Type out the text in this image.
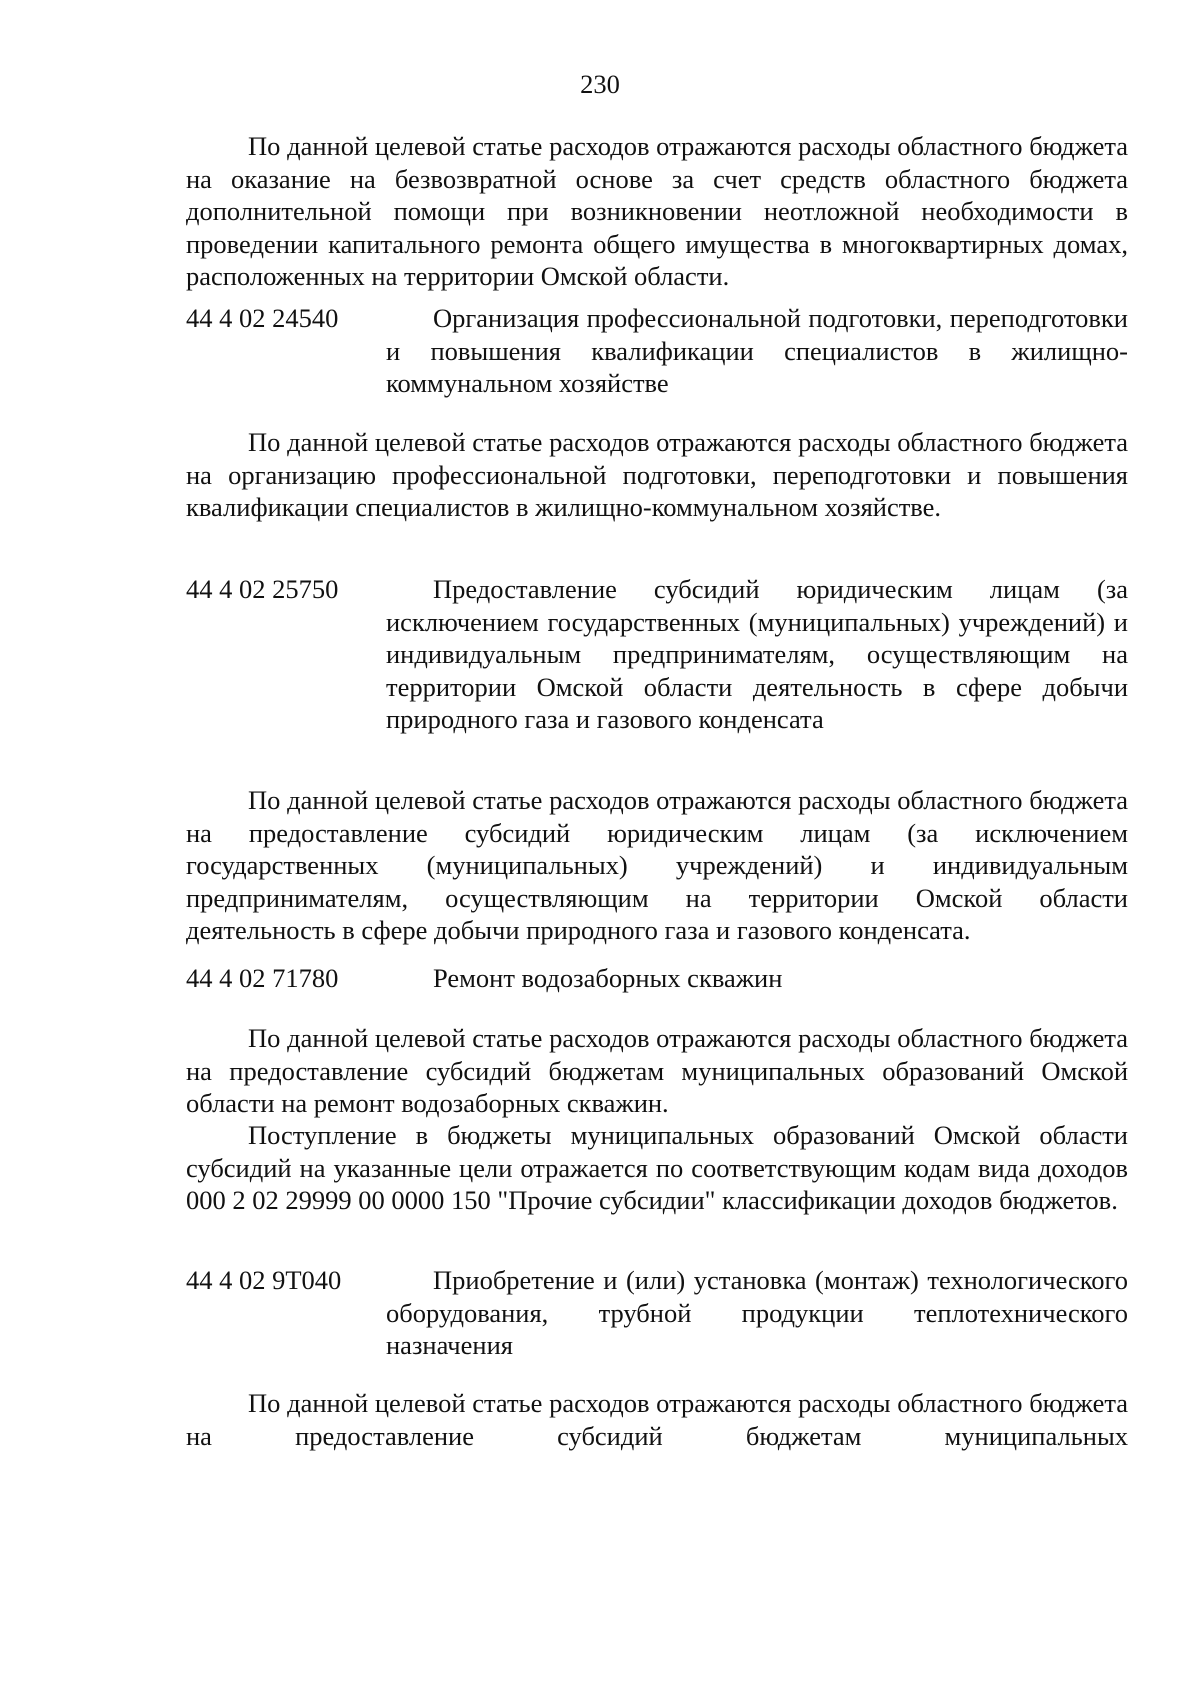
230

По данной целевой статье расходов отражаются расходы областного бюджета на оказание на безвозвратной основе за счет средств областного бюджета дополнительной помощи при возникновении неотложной необходимости в проведении капитального ремонта общего имущества в многоквартирных домах, расположенных на территории Омской области.

44 4 02 24540	Организация профессиональной подготовки, переподготовки и повышения квалификации специалистов в жилищно-коммунальном хозяйстве

По данной целевой статье расходов отражаются расходы областного бюджета на организацию профессиональной подготовки, переподготовки и повышения квалификации специалистов в жилищно-коммунальном хозяйстве.

44 4 02 25750	Предоставление субсидий юридическим лицам (за исключением государственных (муниципальных) учреждений) и индивидуальным предпринимателям, осуществляющим на территории Омской области деятельность в сфере добычи природного газа и газового конденсата

По данной целевой статье расходов отражаются расходы областного бюджета на предоставление субсидий юридическим лицам (за исключением государственных (муниципальных) учреждений) и индивидуальным предпринимателям, осуществляющим на территории Омской области деятельность в сфере добычи природного газа и газового конденсата.

44 4 02 71780	Ремонт водозаборных скважин

По данной целевой статье расходов отражаются расходы областного бюджета на предоставление субсидий бюджетам муниципальных образований Омской области на ремонт водозаборных скважин.

Поступление в бюджеты муниципальных образований Омской области субсидий на указанные цели отражается по соответствующим кодам вида доходов 000 2 02 29999 00 0000 150 "Прочие субсидии" классификации доходов бюджетов.

44 4 02 9Т040	Приобретение и (или) установка (монтаж) технологического оборудования, трубной продукции теплотехнического назначения

По данной целевой статье расходов отражаются расходы областного бюджета на предоставление субсидий бюджетам муниципальных
